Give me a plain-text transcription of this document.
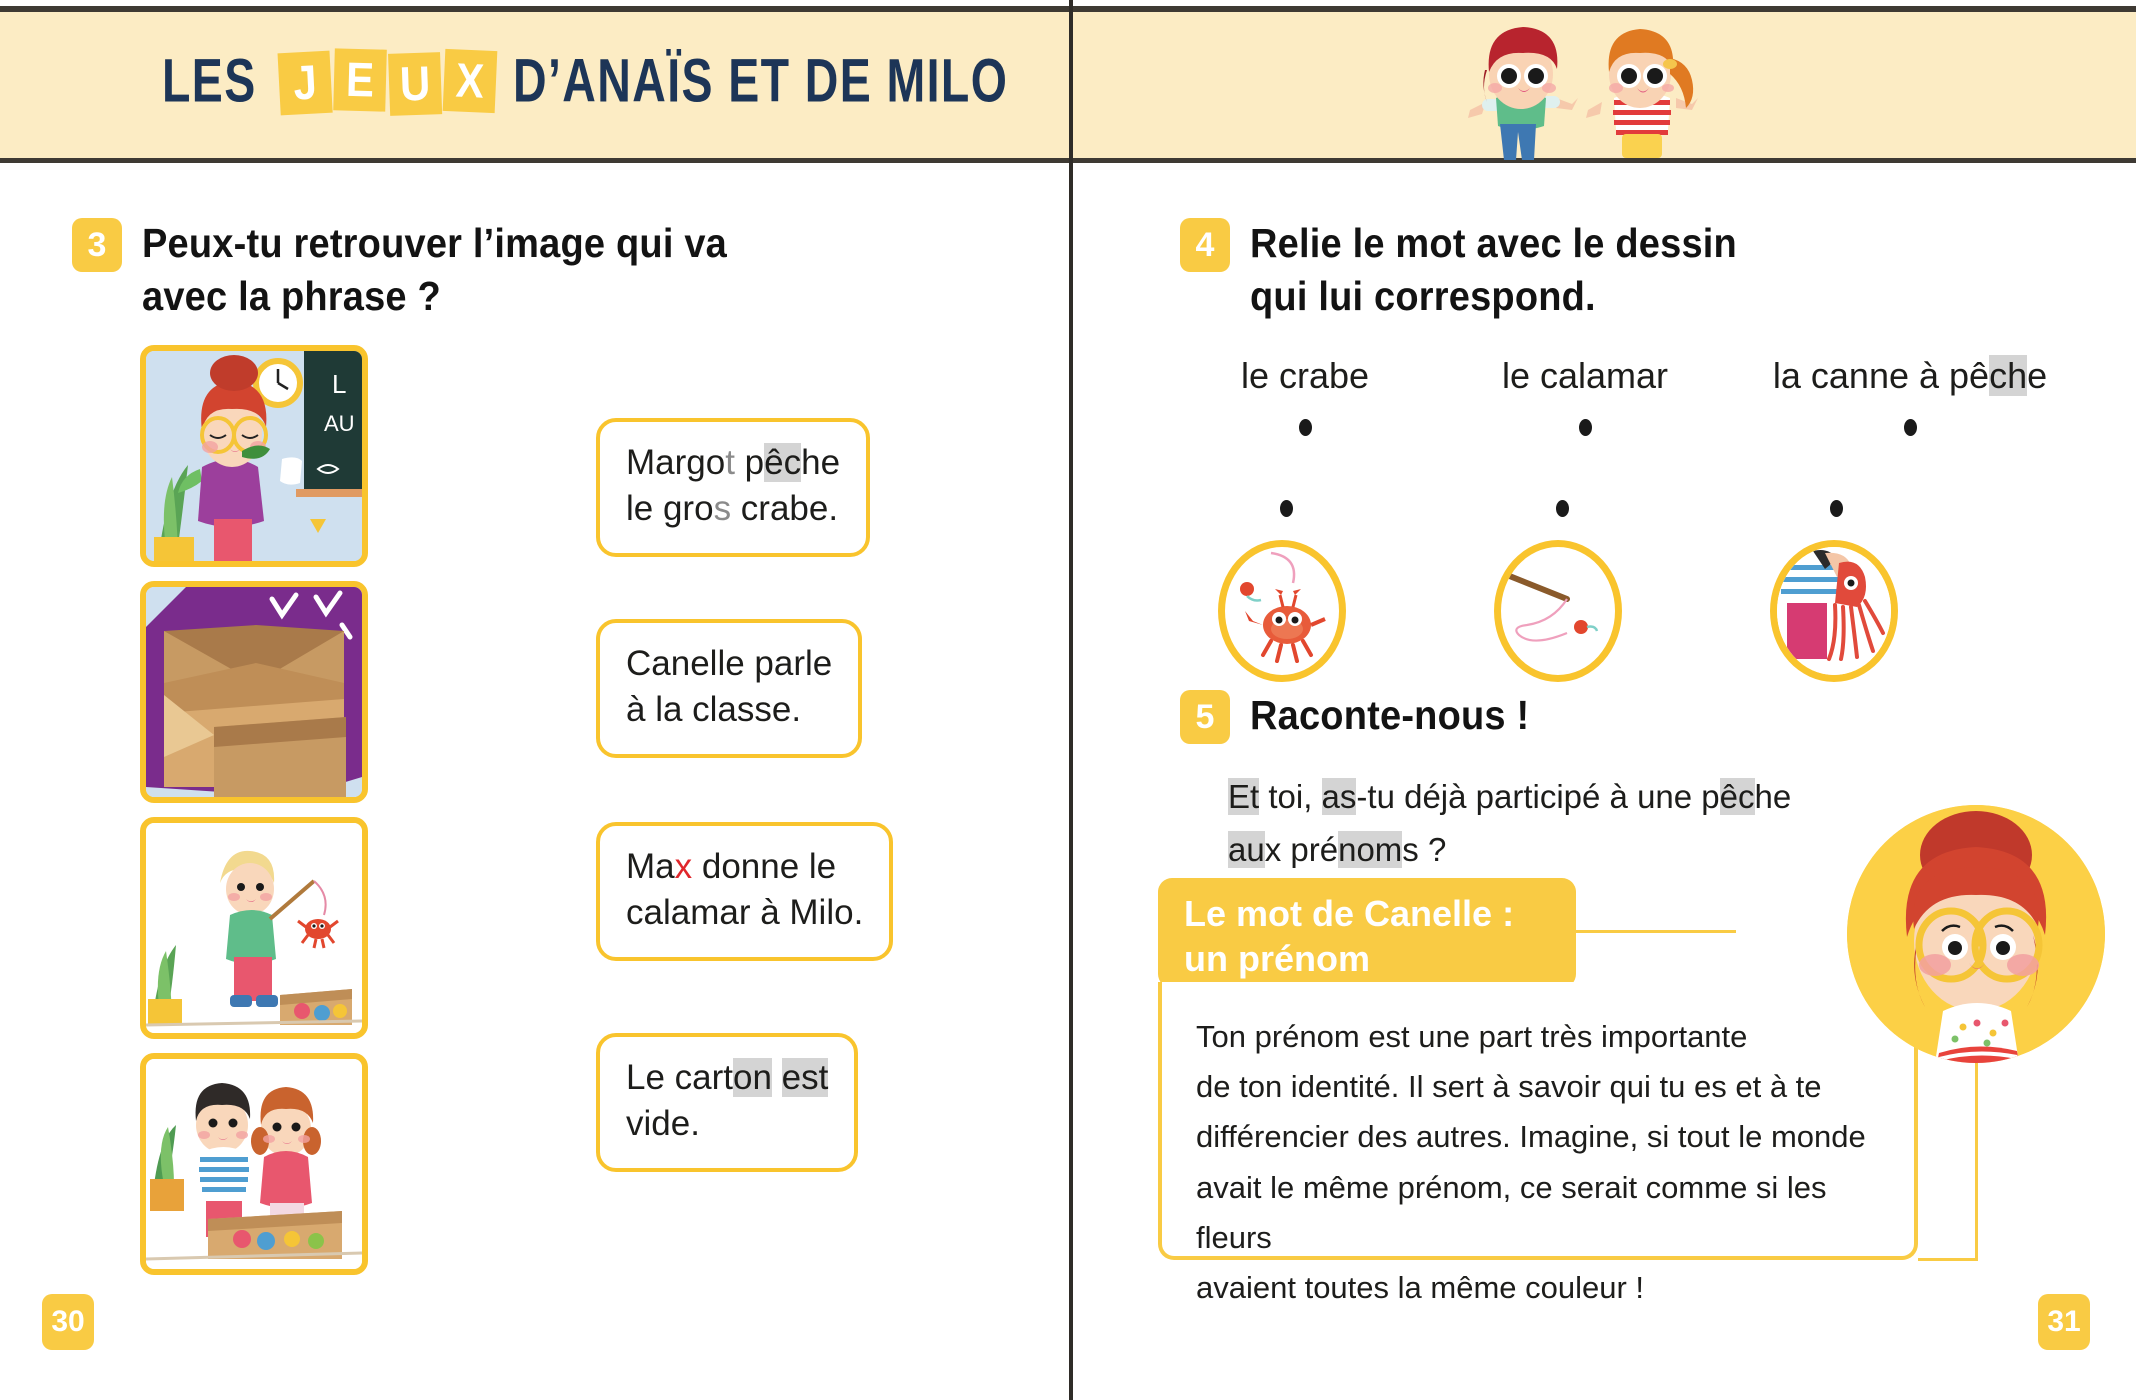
LES J E U X D’ANAÏS ET DE MILO
3 Peux-tu retrouver l’image qui va
avec la phrase ?
L
AU
Margot pêche
le gros crabe.
Canelle parle
à la classe.
Max donne le
calamar à Milo.
Le carton est
vide.
4 Relie le mot avec le dessin
qui lui correspond.
le crabe	le calamar	la canne à pêche
5 Raconte-nous !
Et toi, as-tu déjà participé à une pêche
aux prénoms ?
Le mot de Canelle :
un prénom
Ton prénom est une part très importante
de ton identité. Il sert à savoir qui tu es et à te
différencier des autres. Imagine, si tout le monde
avait le même prénom, ce serait comme si les fleurs
avaient toutes la même couleur !
30	31
